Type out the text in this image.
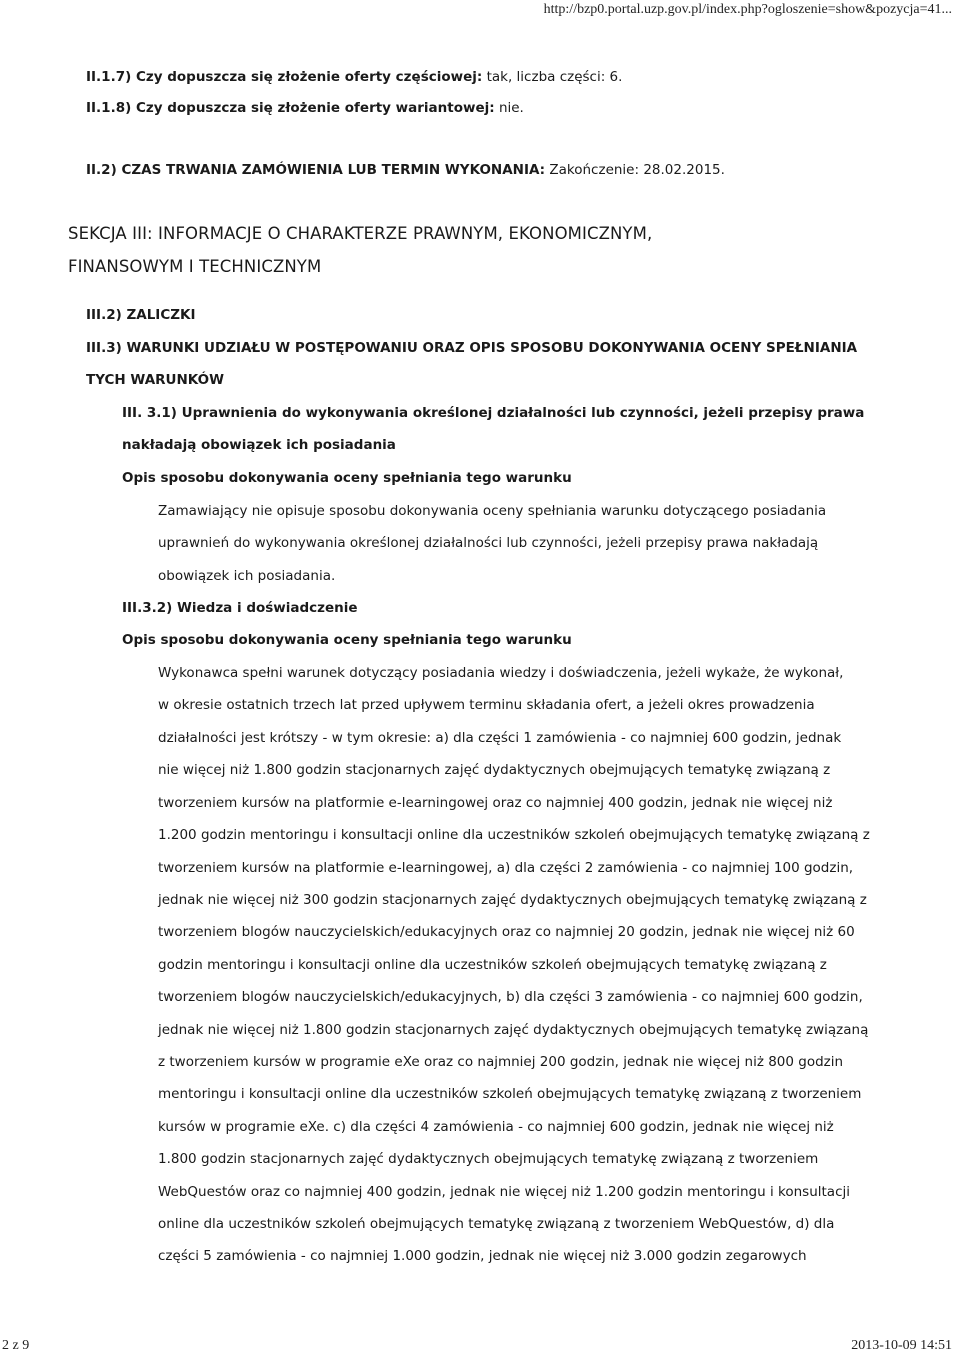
http://bzp0.portal.uzp.gov.pl/index.php?ogloszenie=show&pozycja=41...
II.1.7) Czy dopuszcza się złożenie oferty częściowej: tak, liczba części: 6.
II.1.8) Czy dopuszcza się złożenie oferty wariantowej: nie.
II.2) CZAS TRWANIA ZAMÓWIENIA LUB TERMIN WYKONANIA: Zakończenie: 28.02.2015.
SEKCJA III: INFORMACJE O CHARAKTERZE PRAWNYM, EKONOMICZNYM,
FINANSOWYM I TECHNICZNYM
III.2) ZALICZKI
III.3) WARUNKI UDZIAŁU W POSTĘPOWANIU ORAZ OPIS SPOSOBU DOKONYWANIA OCENY SPEŁNIANIA
TYCH WARUNKÓW
III. 3.1) Uprawnienia do wykonywania określonej działalności lub czynności, jeżeli przepisy prawa
nakładają obowiązek ich posiadania
Opis sposobu dokonywania oceny spełniania tego warunku
Zamawiający nie opisuje sposobu dokonywania oceny spełniania warunku dotyczącego posiadania
uprawnień do wykonywania określonej działalności lub czynności, jeżeli przepisy prawa nakładają
obowiązek ich posiadania.
III.3.2) Wiedza i doświadczenie
Opis sposobu dokonywania oceny spełniania tego warunku
Wykonawca spełni warunek dotyczący posiadania wiedzy i doświadczenia, jeżeli wykaże, że wykonał,
w okresie ostatnich trzech lat przed upływem terminu składania ofert, a jeżeli okres prowadzenia
działalności jest krótszy - w tym okresie: a) dla części 1 zamówienia - co najmniej 600 godzin, jednak
nie więcej niż 1.800 godzin stacjonarnych zajęć dydaktycznych obejmujących tematykę związaną z
tworzeniem kursów na platformie e-learningowej oraz co najmniej 400 godzin, jednak nie więcej niż
1.200 godzin mentoringu i konsultacji online dla uczestników szkoleń obejmujących tematykę związaną z
tworzeniem kursów na platformie e-learningowej, a) dla części 2 zamówienia - co najmniej 100 godzin,
jednak nie więcej niż 300 godzin stacjonarnych zajęć dydaktycznych obejmujących tematykę związaną z
tworzeniem blogów nauczycielskich/edukacyjnych oraz co najmniej 20 godzin, jednak nie więcej niż 60
godzin mentoringu i konsultacji online dla uczestników szkoleń obejmujących tematykę związaną z
tworzeniem blogów nauczycielskich/edukacyjnych, b) dla części 3 zamówienia - co najmniej 600 godzin,
jednak nie więcej niż 1.800 godzin stacjonarnych zajęć dydaktycznych obejmujących tematykę związaną
z tworzeniem kursów w programie eXe oraz co najmniej 200 godzin, jednak nie więcej niż 800 godzin
mentoringu i konsultacji online dla uczestników szkoleń obejmujących tematykę związaną z tworzeniem
kursów w programie eXe. c) dla części 4 zamówienia - co najmniej 600 godzin, jednak nie więcej niż
1.800 godzin stacjonarnych zajęć dydaktycznych obejmujących tematykę związaną z tworzeniem
WebQuestów oraz co najmniej 400 godzin, jednak nie więcej niż 1.200 godzin mentoringu i konsultacji
online dla uczestników szkoleń obejmujących tematykę związaną z tworzeniem WebQuestów, d) dla
części 5 zamówienia - co najmniej 1.000 godzin, jednak nie więcej niż 3.000 godzin zegarowych
2 z 9	2013-10-09 14:51
